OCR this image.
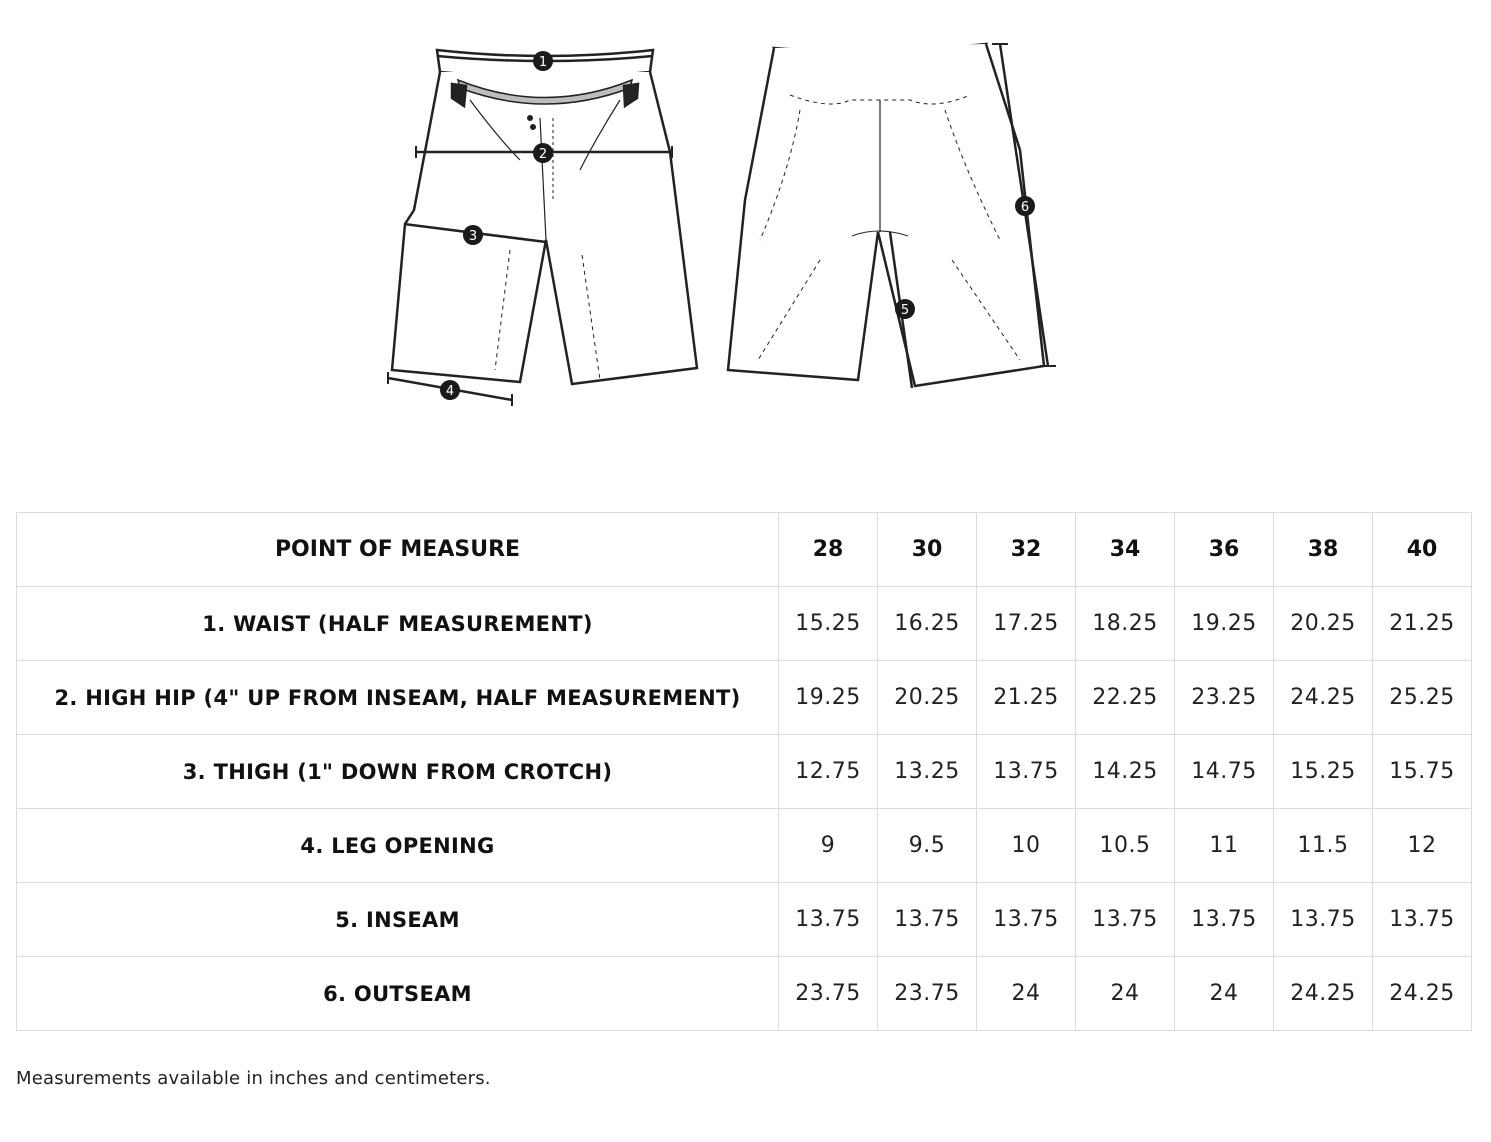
1
2
3
4
5
6
POINT OF MEASURE	28	30	32	34	36	38	40
1. WAIST (HALF MEASUREMENT)	15.25	16.25	17.25	18.25	19.25	20.25	21.25
2. HIGH HIP (4" UP FROM INSEAM, HALF MEASUREMENT)	19.25	20.25	21.25	22.25	23.25	24.25	25.25
3. THIGH (1" DOWN FROM CROTCH)	12.75	13.25	13.75	14.25	14.75	15.25	15.75
4. LEG OPENING	9	9.5	10	10.5	11	11.5	12
5. INSEAM	13.75	13.75	13.75	13.75	13.75	13.75	13.75
6. OUTSEAM	23.75	23.75	24	24	24	24.25	24.25
Measurements available in inches and centimeters.
